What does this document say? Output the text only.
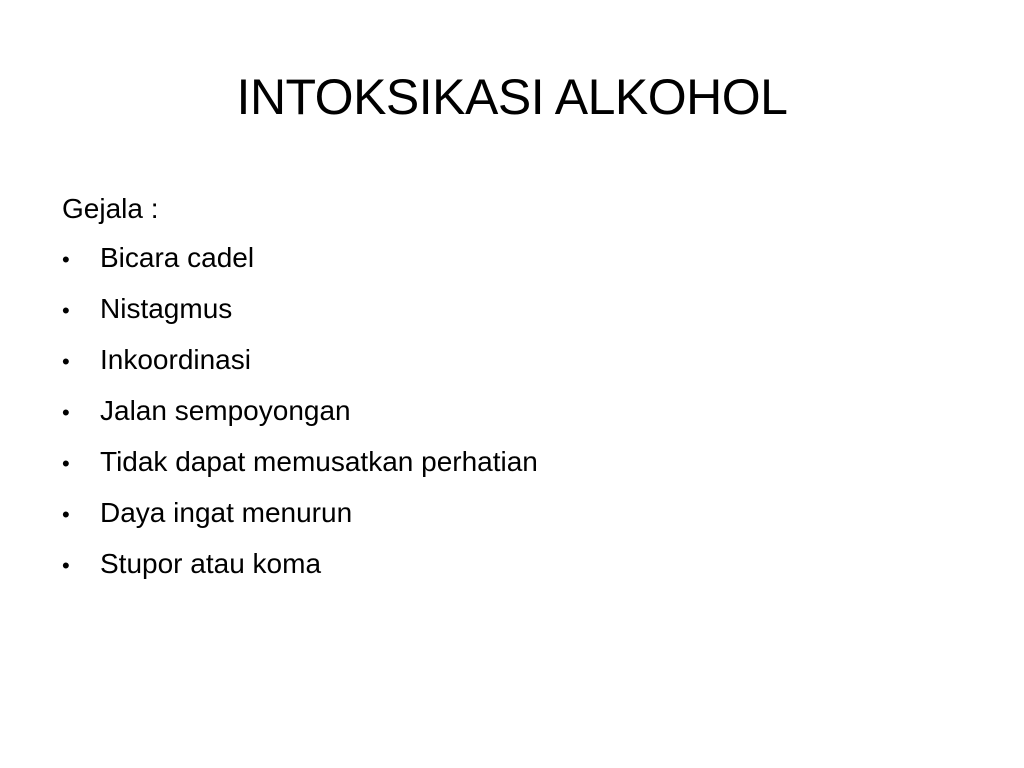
INTOKSIKASI ALKOHOL

Gejala :

•	Bicara cadel
•	Nistagmus
•	Inkoordinasi
•	Jalan sempoyongan
•	Tidak dapat memusatkan perhatian
•	Daya ingat menurun
•	Stupor atau koma
